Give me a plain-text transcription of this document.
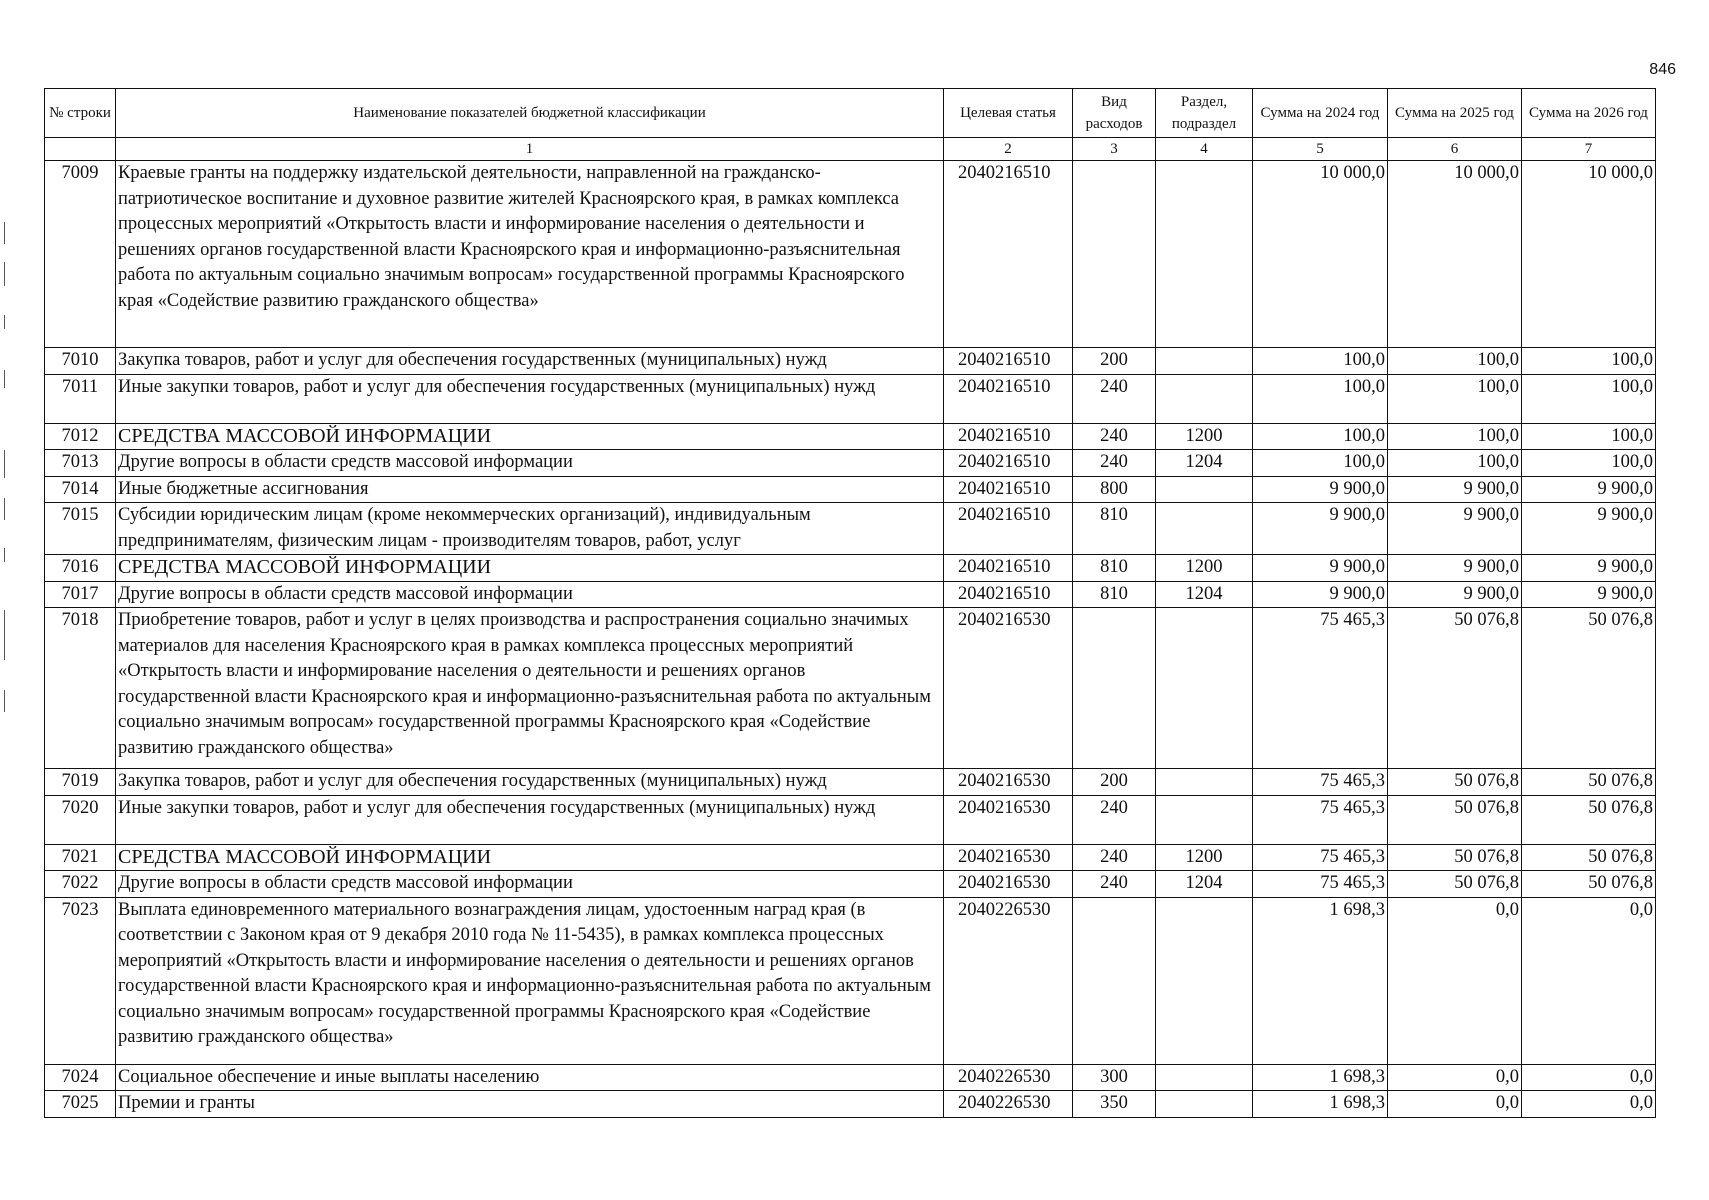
846
№ строки	Наименование показателей бюджетной классификации	Целевая статья	Вид расходов	Раздел, подраздел	Сумма на 2024 год	Сумма на 2025 год	Сумма на 2026 год
	1	2	3	4	5	6	7
7009	Краевые гранты на поддержку издательской деятельности, направленной на гражданско-патриотическое воспитание и духовное развитие жителей Красноярского края, в рамках комплекса процессных мероприятий «Открытость власти и информирование населения о деятельности и решениях органов государственной власти Красноярского края и информационно-разъяснительная работа по актуальным социально значимым вопросам» государственной программы Красноярского края «Содействие развитию гражданского общества»	2040216510			10 000,0	10 000,0	10 000,0
7010	Закупка товаров, работ и услуг для обеспечения государственных (муниципальных) нужд	2040216510	200		100,0	100,0	100,0
7011	Иные закупки товаров, работ и услуг для обеспечения государственных (муниципальных) нужд	2040216510	240		100,0	100,0	100,0
7012	СРЕДСТВА МАССОВОЙ ИНФОРМАЦИИ	2040216510	240	1200	100,0	100,0	100,0
7013	Другие вопросы в области средств массовой информации	2040216510	240	1204	100,0	100,0	100,0
7014	Иные бюджетные ассигнования	2040216510	800		9 900,0	9 900,0	9 900,0
7015	Субсидии юридическим лицам (кроме некоммерческих организаций), индивидуальным предпринимателям, физическим лицам - производителям товаров, работ, услуг	2040216510	810		9 900,0	9 900,0	9 900,0
7016	СРЕДСТВА МАССОВОЙ ИНФОРМАЦИИ	2040216510	810	1200	9 900,0	9 900,0	9 900,0
7017	Другие вопросы в области средств массовой информации	2040216510	810	1204	9 900,0	9 900,0	9 900,0
7018	Приобретение товаров, работ и услуг в целях производства и распространения социально значимых материалов для населения Красноярского края в рамках комплекса процессных мероприятий «Открытость власти и информирование населения о деятельности и решениях органов государственной власти Красноярского края и информационно-разъяснительная работа по актуальным социально значимым вопросам» государственной программы Красноярского края «Содействие развитию гражданского общества»	2040216530			75 465,3	50 076,8	50 076,8
7019	Закупка товаров, работ и услуг для обеспечения государственных (муниципальных) нужд	2040216530	200		75 465,3	50 076,8	50 076,8
7020	Иные закупки товаров, работ и услуг для обеспечения государственных (муниципальных) нужд	2040216530	240		75 465,3	50 076,8	50 076,8
7021	СРЕДСТВА МАССОВОЙ ИНФОРМАЦИИ	2040216530	240	1200	75 465,3	50 076,8	50 076,8
7022	Другие вопросы в области средств массовой информации	2040216530	240	1204	75 465,3	50 076,8	50 076,8
7023	Выплата единовременного материального вознаграждения лицам, удостоенным наград края (в соответствии с Законом края от 9 декабря 2010 года № 11-5435), в рамках комплекса процессных мероприятий «Открытость власти и информирование населения о деятельности и решениях органов государственной власти Красноярского края и информационно-разъяснительная работа по актуальным социально значимым вопросам» государственной программы Красноярского края «Содействие развитию гражданского общества»	2040226530			1 698,3	0,0	0,0
7024	Социальное обеспечение и иные выплаты населению	2040226530	300		1 698,3	0,0	0,0
7025	Премии и гранты	2040226530	350		1 698,3	0,0	0,0
